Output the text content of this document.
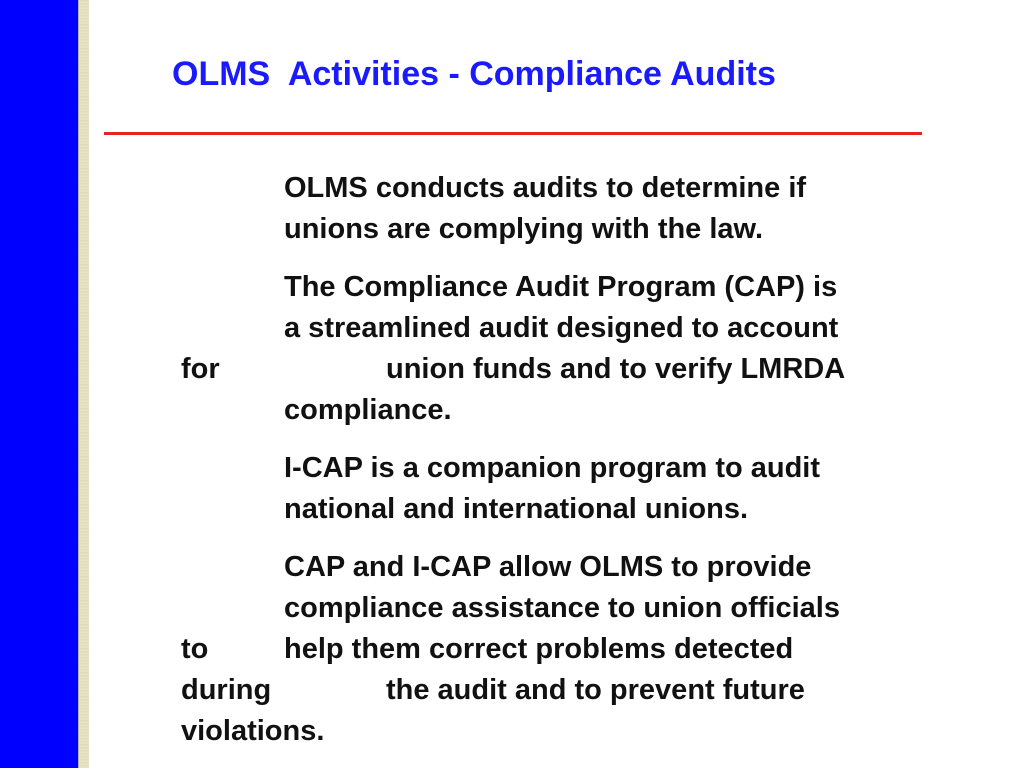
OLMS  Activities - Compliance Audits

OLMS conducts audits to determine if

unions are complying with the law.

The Compliance Audit Program (CAP) is

a streamlined audit designed to account

for	union funds and to verify LMRDA

compliance.

I-CAP is a companion program to audit

national and international unions.

CAP and I-CAP allow OLMS to provide

compliance assistance to union officials

to	help them correct problems detected

during	the audit and to prevent future

violations.
